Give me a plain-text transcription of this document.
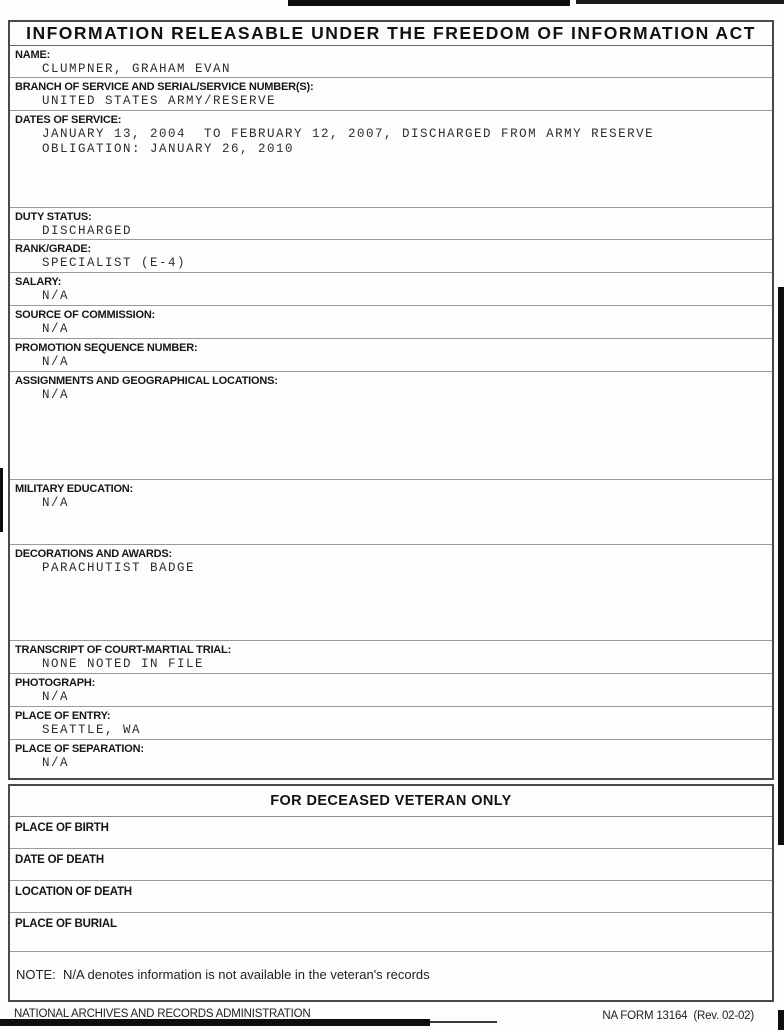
INFORMATION RELEASABLE UNDER THE FREEDOM OF INFORMATION ACT
NAME:
CLUMPNER, GRAHAM EVAN
BRANCH OF SERVICE AND SERIAL/SERVICE NUMBER(S):
UNITED STATES ARMY/RESERVE
DATES OF SERVICE:
JANUARY 13, 2004  TO FEBRUARY 12, 2007, DISCHARGED FROM ARMY RESERVE
OBLIGATION: JANUARY 26, 2010
DUTY STATUS:
DISCHARGED
RANK/GRADE:
SPECIALIST (E-4)
SALARY:
N/A
SOURCE OF COMMISSION:
N/A
PROMOTION SEQUENCE NUMBER:
N/A
ASSIGNMENTS AND GEOGRAPHICAL LOCATIONS:
N/A
MILITARY EDUCATION:
N/A
DECORATIONS AND AWARDS:
PARACHUTIST BADGE
TRANSCRIPT OF COURT-MARTIAL TRIAL:
NONE NOTED IN FILE
PHOTOGRAPH:
N/A
PLACE OF ENTRY:
SEATTLE, WA
PLACE OF SEPARATION:
N/A
FOR DECEASED VETERAN ONLY
PLACE OF BIRTH
DATE OF DEATH
LOCATION OF DEATH
PLACE OF BURIAL
NOTE:  N/A denotes information is not available in the veteran's records
NATIONAL ARCHIVES AND RECORDS ADMINISTRATION	NA FORM 13164  (Rev. 02-02)
